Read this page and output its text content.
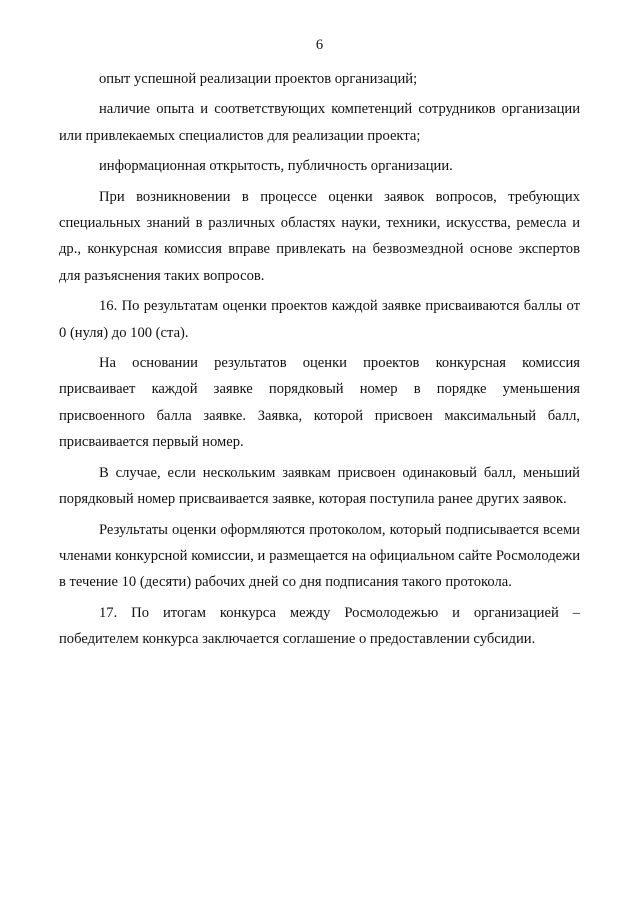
6

опыт успешной реализации проектов организаций;

наличие опыта и соответствующих компетенций сотрудников организации или привлекаемых специалистов для реализации проекта;

информационная открытость, публичность организации.

При возникновении в процессе оценки заявок вопросов, требующих специальных знаний в различных областях науки, техники, искусства, ремесла и др., конкурсная комиссия вправе привлекать на безвозмездной основе экспертов для разъяснения таких вопросов.

16. По результатам оценки проектов каждой заявке присваиваются баллы от 0 (нуля) до 100 (ста).

На основании результатов оценки проектов конкурсная комиссия присваивает каждой заявке порядковый номер в порядке уменьшения присвоенного балла заявке. Заявка, которой присвоен максимальный балл, присваивается первый номер.

В случае, если нескольким заявкам присвоен одинаковый балл, меньший порядковый номер присваивается заявке, которая поступила ранее других заявок.

Результаты оценки оформляются протоколом, который подписывается всеми членами конкурсной комиссии, и размещается на официальном сайте Росмолодежи в течение 10 (десяти) рабочих дней со дня подписания такого протокола.

17. По итогам конкурса между Росмолодежью и организацией – победителем конкурса заключается соглашение о предоставлении субсидии.
